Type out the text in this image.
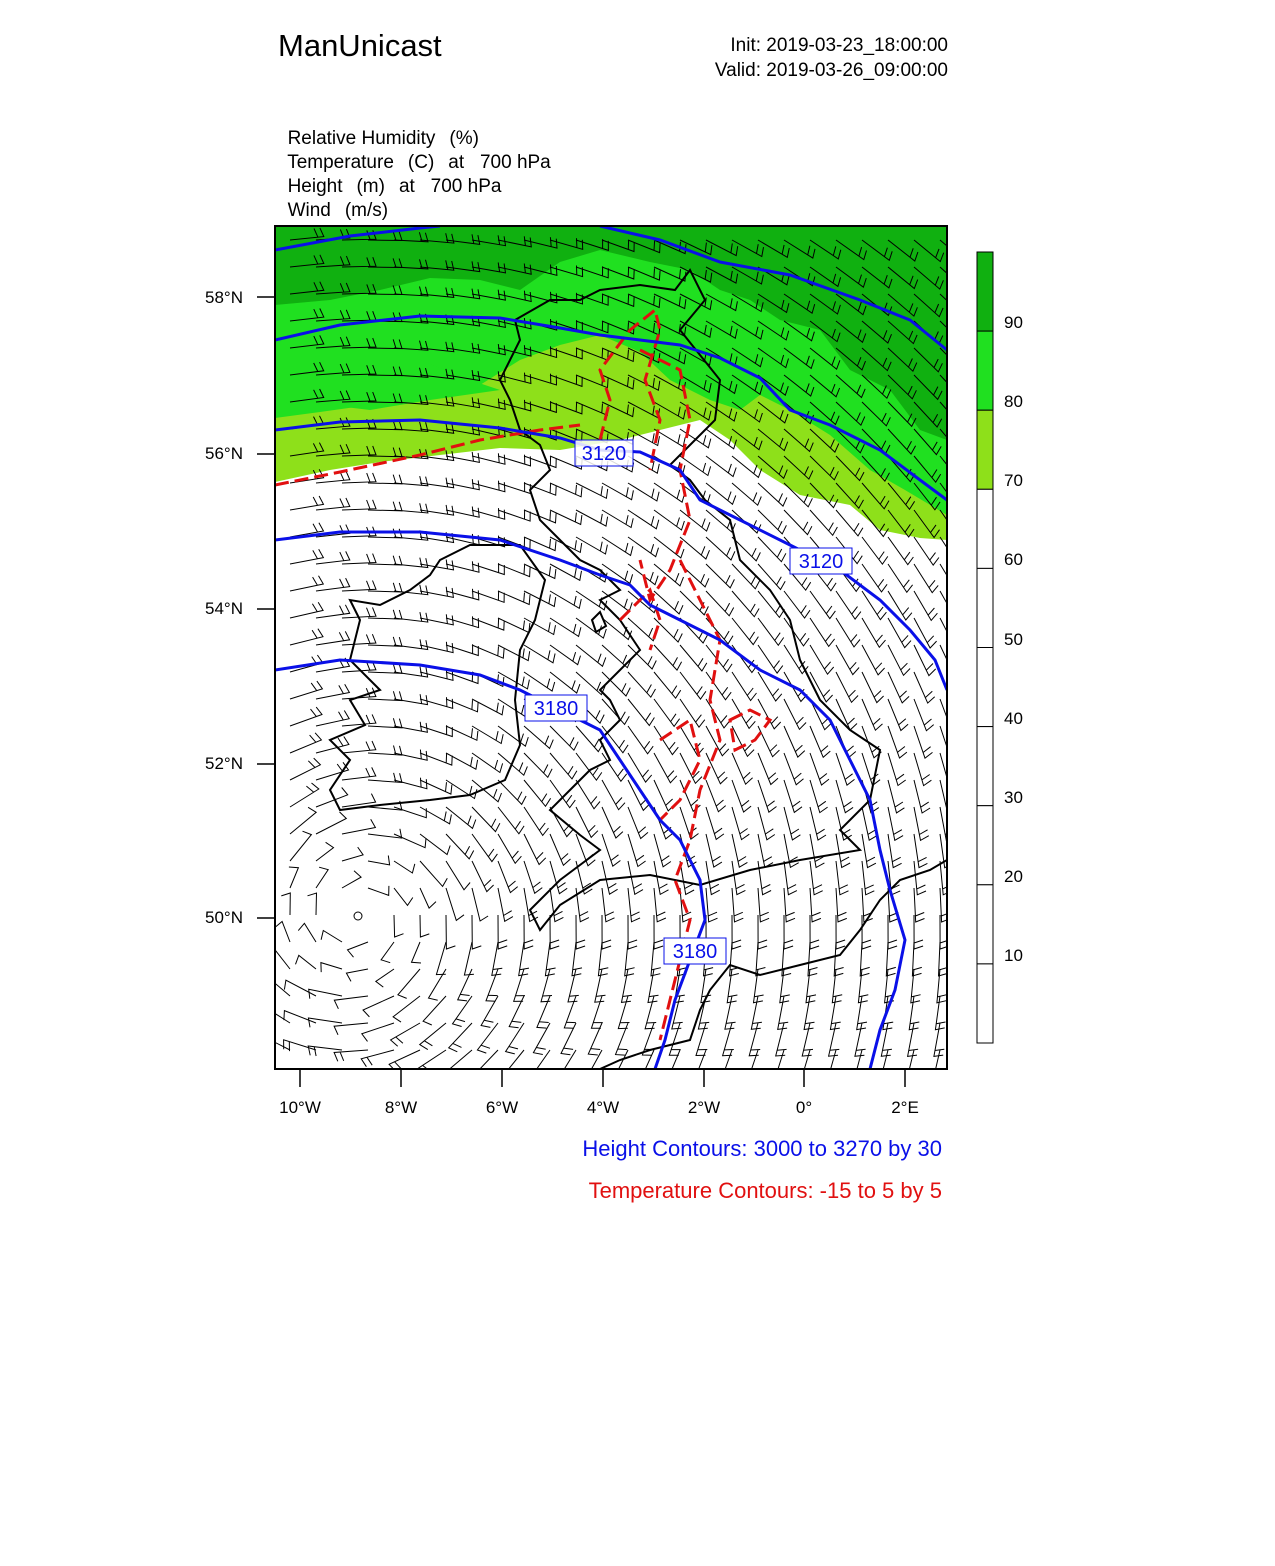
ManUnicast	Init: 2019-03-23_18:00:00
Valid: 2019-03-26_09:00:00

Relative Humidity (%)

Temperature (C) at   700 hPa

Height (m) at   700 hPa

Wind (m/s)

3120
3120
3180
3180
58°N
56°N
54°N
52°N
50°N
10°W	8°W	6°W	4°W	2°W	0°	2°E
90
80
70
60
50
40
30
20
10
Height Contours: 3000 to 3270 by 30
Temperature Contours: -15 to 5 by 5
